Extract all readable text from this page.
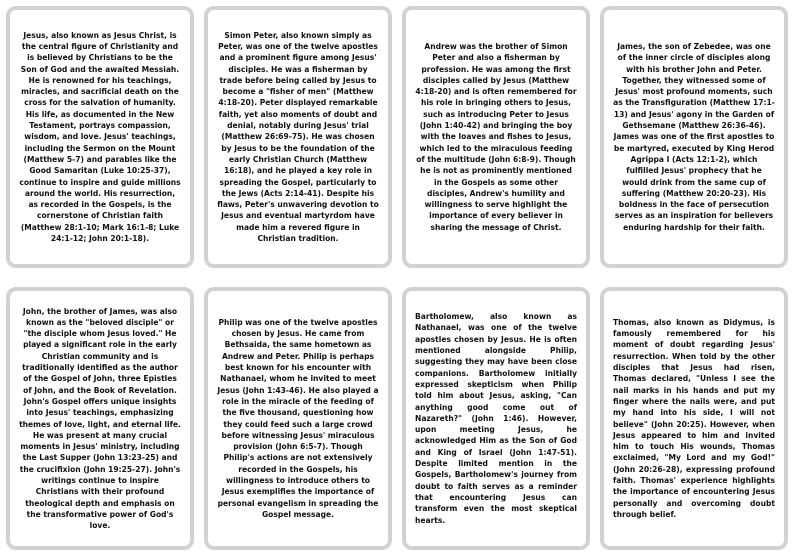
Jesus, also known as Jesus Christ, is the central figure of Christianity and is believed by Christians to be the Son of God and the awaited Messiah. He is renowned for his teachings, miracles, and sacrificial death on the cross for the salvation of humanity. His life, as documented in the New Testament, portrays compassion, wisdom, and love. Jesus' teachings, including the Sermon on the Mount (Matthew 5-7) and parables like the Good Samaritan (Luke 10:25-37), continue to inspire and guide millions around the world. His resurrection, as recorded in the Gospels, is the cornerstone of Christian faith (Matthew 28:1-10; Mark 16:1-8; Luke 24:1-12; John 20:1-18).

Simon Peter, also known simply as Peter, was one of the twelve apostles and a prominent figure among Jesus' disciples. He was a fisherman by trade before being called by Jesus to become a "fisher of men" (Matthew 4:18-20). Peter displayed remarkable faith, yet also moments of doubt and denial, notably during Jesus' trial (Matthew 26:69-75). He was chosen by Jesus to be the foundation of the early Christian Church (Matthew 16:18), and he played a key role in spreading the Gospel, particularly to the Jews (Acts 2:14-41). Despite his flaws, Peter's unwavering devotion to Jesus and eventual martyrdom have made him a revered figure in Christian tradition.

Andrew was the brother of Simon Peter and also a fisherman by profession. He was among the first disciples called by Jesus (Matthew 4:18-20) and is often remembered for his role in bringing others to Jesus, such as introducing Peter to Jesus (John 1:40-42) and bringing the boy with the loaves and fishes to Jesus, which led to the miraculous feeding of the multitude (John 6:8-9). Though he is not as prominently mentioned in the Gospels as some other disciples, Andrew's humility and willingness to serve highlight the importance of every believer in sharing the message of Christ.

James, the son of Zebedee, was one of the inner circle of disciples along with his brother John and Peter. Together, they witnessed some of Jesus' most profound moments, such as the Transfiguration (Matthew 17:1-13) and Jesus' agony in the Garden of Gethsemane (Matthew 26:36-46). James was one of the first apostles to be martyred, executed by King Herod Agrippa I (Acts 12:1-2), which fulfilled Jesus' prophecy that he would drink from the same cup of suffering (Matthew 20:20-23). His boldness in the face of persecution serves as an inspiration for believers enduring hardship for their faith.

John, the brother of James, was also known as the "beloved disciple" or "the disciple whom Jesus loved." He played a significant role in the early Christian community and is traditionally identified as the author of the Gospel of John, three Epistles of John, and the Book of Revelation. John's Gospel offers unique insights into Jesus' teachings, emphasizing themes of love, light, and eternal life. He was present at many crucial moments in Jesus' ministry, including the Last Supper (John 13:23-25) and the crucifixion (John 19:25-27). John's writings continue to inspire Christians with their profound theological depth and emphasis on the transformative power of God's love.

Philip was one of the twelve apostles chosen by Jesus. He came from Bethsaida, the same hometown as Andrew and Peter. Philip is perhaps best known for his encounter with Nathanael, whom he invited to meet Jesus (John 1:43-46). He also played a role in the miracle of the feeding of the five thousand, questioning how they could feed such a large crowd before witnessing Jesus' miraculous provision (John 6:5-7). Though Philip's actions are not extensively recorded in the Gospels, his willingness to introduce others to Jesus exemplifies the importance of personal evangelism in spreading the Gospel message.

Bartholomew, also known as Nathanael, was one of the twelve apostles chosen by Jesus. He is often mentioned alongside Philip, suggesting they may have been close companions. Bartholomew initially expressed skepticism when Philip told him about Jesus, asking, "Can anything good come out of Nazareth?" (John 1:46). However, upon meeting Jesus, he acknowledged Him as the Son of God and King of Israel (John 1:47-51). Despite limited mention in the Gospels, Bartholomew's journey from doubt to faith serves as a reminder that encountering Jesus can transform even the most skeptical hearts.

Thomas, also known as Didymus, is famously remembered for his moment of doubt regarding Jesus' resurrection. When told by the other disciples that Jesus had risen, Thomas declared, "Unless I see the nail marks in his hands and put my finger where the nails were, and put my hand into his side, I will not believe" (John 20:25). However, when Jesus appeared to him and invited him to touch His wounds, Thomas exclaimed, "My Lord and my God!" (John 20:26-28), expressing profound faith. Thomas' experience highlights the importance of encountering Jesus personally and overcoming doubt through belief.
